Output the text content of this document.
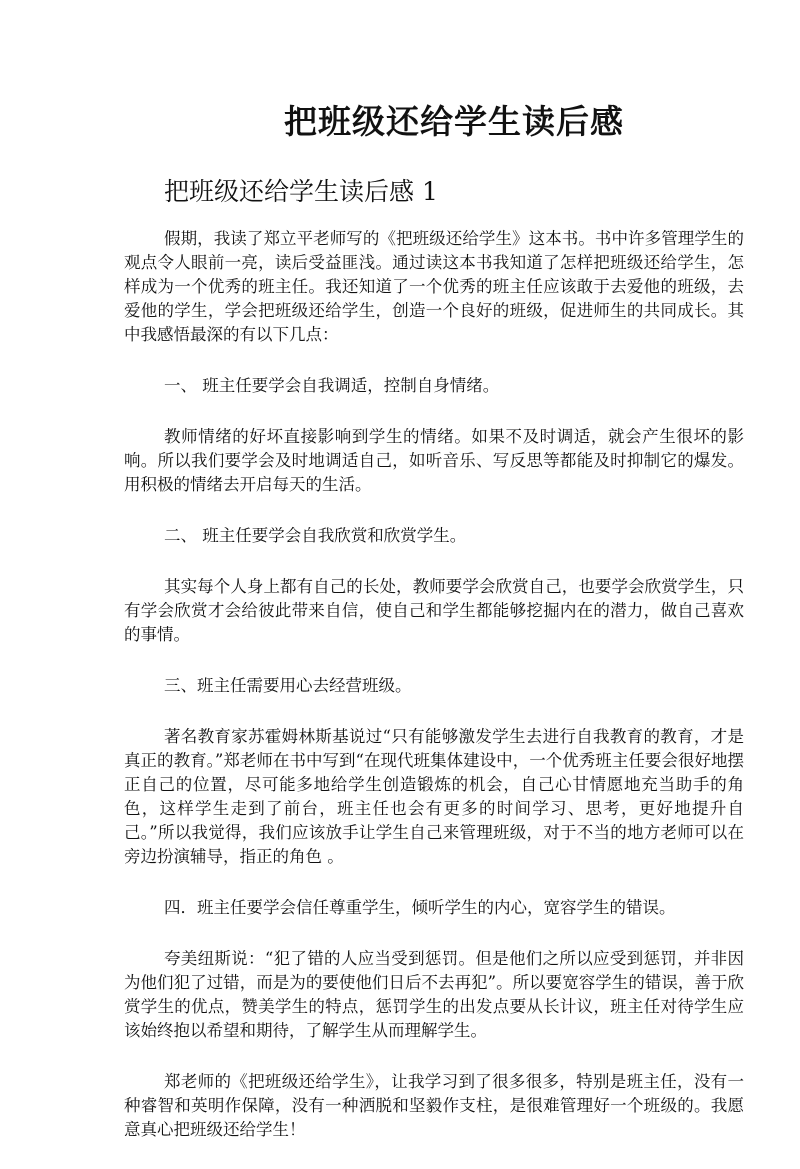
把班级还给学生读后感
把班级还给学生读后感 1

假期，我读了郑立平老师写的《把班级还给学生》这本书。书中许多管理学生的观点令人眼前一亮，读后受益匪浅。通过读这本书我知道了怎样把班级还给学生，怎样成为一个优秀的班主任。我还知道了一个优秀的班主任应该敢于去爱他的班级，去爱他的学生，学会把班级还给学生，创造一个良好的班级，促进师生的共同成长。其中我感悟最深的有以下几点：

一、 班主任要学会自我调适，控制自身情绪。

教师情绪的好坏直接影响到学生的情绪。如果不及时调适，就会产生很坏的影响。所以我们要学会及时地调适自己，如听音乐、写反思等都能及时抑制它的爆发。用积极的情绪去开启每天的生活。

二、 班主任要学会自我欣赏和欣赏学生。

其实每个人身上都有自己的长处，教师要学会欣赏自己，也要学会欣赏学生，只有学会欣赏才会给彼此带来自信，使自己和学生都能够挖掘内在的潜力，做自己喜欢的事情。

三、班主任需要用心去经营班级。

著名教育家苏霍姆林斯基说过“只有能够激发学生去进行自我教育的教育，才是真正的教育。”郑老师在书中写到“在现代班集体建设中，一个优秀班主任要会很好地摆正自己的位置，尽可能多地给学生创造锻炼的机会，自己心甘情愿地充当助手的角色，这样学生走到了前台，班主任也会有更多的时间学习、思考，更好地提升自己。”所以我觉得，我们应该放手让学生自己来管理班级，对于不当的地方老师可以在旁边扮演辅导，指正的角色 。

四．班主任要学会信任尊重学生，倾听学生的内心，宽容学生的错误。

夸美纽斯说：“犯了错的人应当受到惩罚。但是他们之所以应受到惩罚，并非因为他们犯了过错，而是为的要使他们日后不去再犯”。所以要宽容学生的错误，善于欣赏学生的优点，赞美学生的特点，惩罚学生的出发点要从长计议，班主任对待学生应该始终抱以希望和期待，了解学生从而理解学生。

郑老师的《把班级还给学生》，让我学习到了很多很多，特别是班主任，没有一种睿智和英明作保障，没有一种洒脱和坚毅作支柱，是很难管理好一个班级的。我愿意真心把班级还给学生！
